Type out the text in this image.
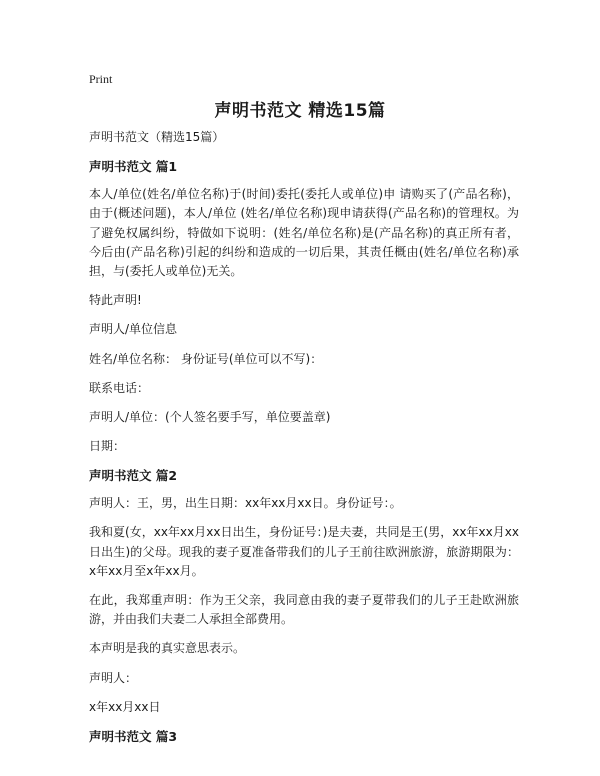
Print
声明书范文 精选15篇

声明书范文（精选15篇）

声明书范文 篇1

本人/单位(姓名/单位名称)于(时间)委托(委托人或单位)申 请购买了(产品名称)，由于(概述问题)，本人/单位 (姓名/单位名称)现申请获得(产品名称)的管理权。为了避免权属纠纷，特做如下说明：(姓名/单位名称)是(产品名称)的真正所有者，今后由(产品名称)引起的纠纷和造成的一切后果，其责任概由(姓名/单位名称)承担，与(委托人或单位)无关。

特此声明!

声明人/单位信息

姓名/单位名称： 身份证号(单位可以不写)：

联系电话：

声明人/单位：(个人签名要手写，单位要盖章)

日期：

声明书范文 篇2

声明人：王，男，出生日期：xx年xx月xx日。身份证号：。

我和夏(女，xx年xx月xx日出生，身份证号：)是夫妻，共同是王(男，xx年xx月xx日出生)的父母。现我的妻子夏准备带我们的儿子王前往欧洲旅游，旅游期限为：x年xx月至x年xx月。

在此，我郑重声明：作为王父亲，我同意由我的妻子夏带我们的儿子王赴欧洲旅游，并由我们夫妻二人承担全部费用。

本声明是我的真实意思表示。

声明人：

x年xx月xx日

声明书范文 篇3
